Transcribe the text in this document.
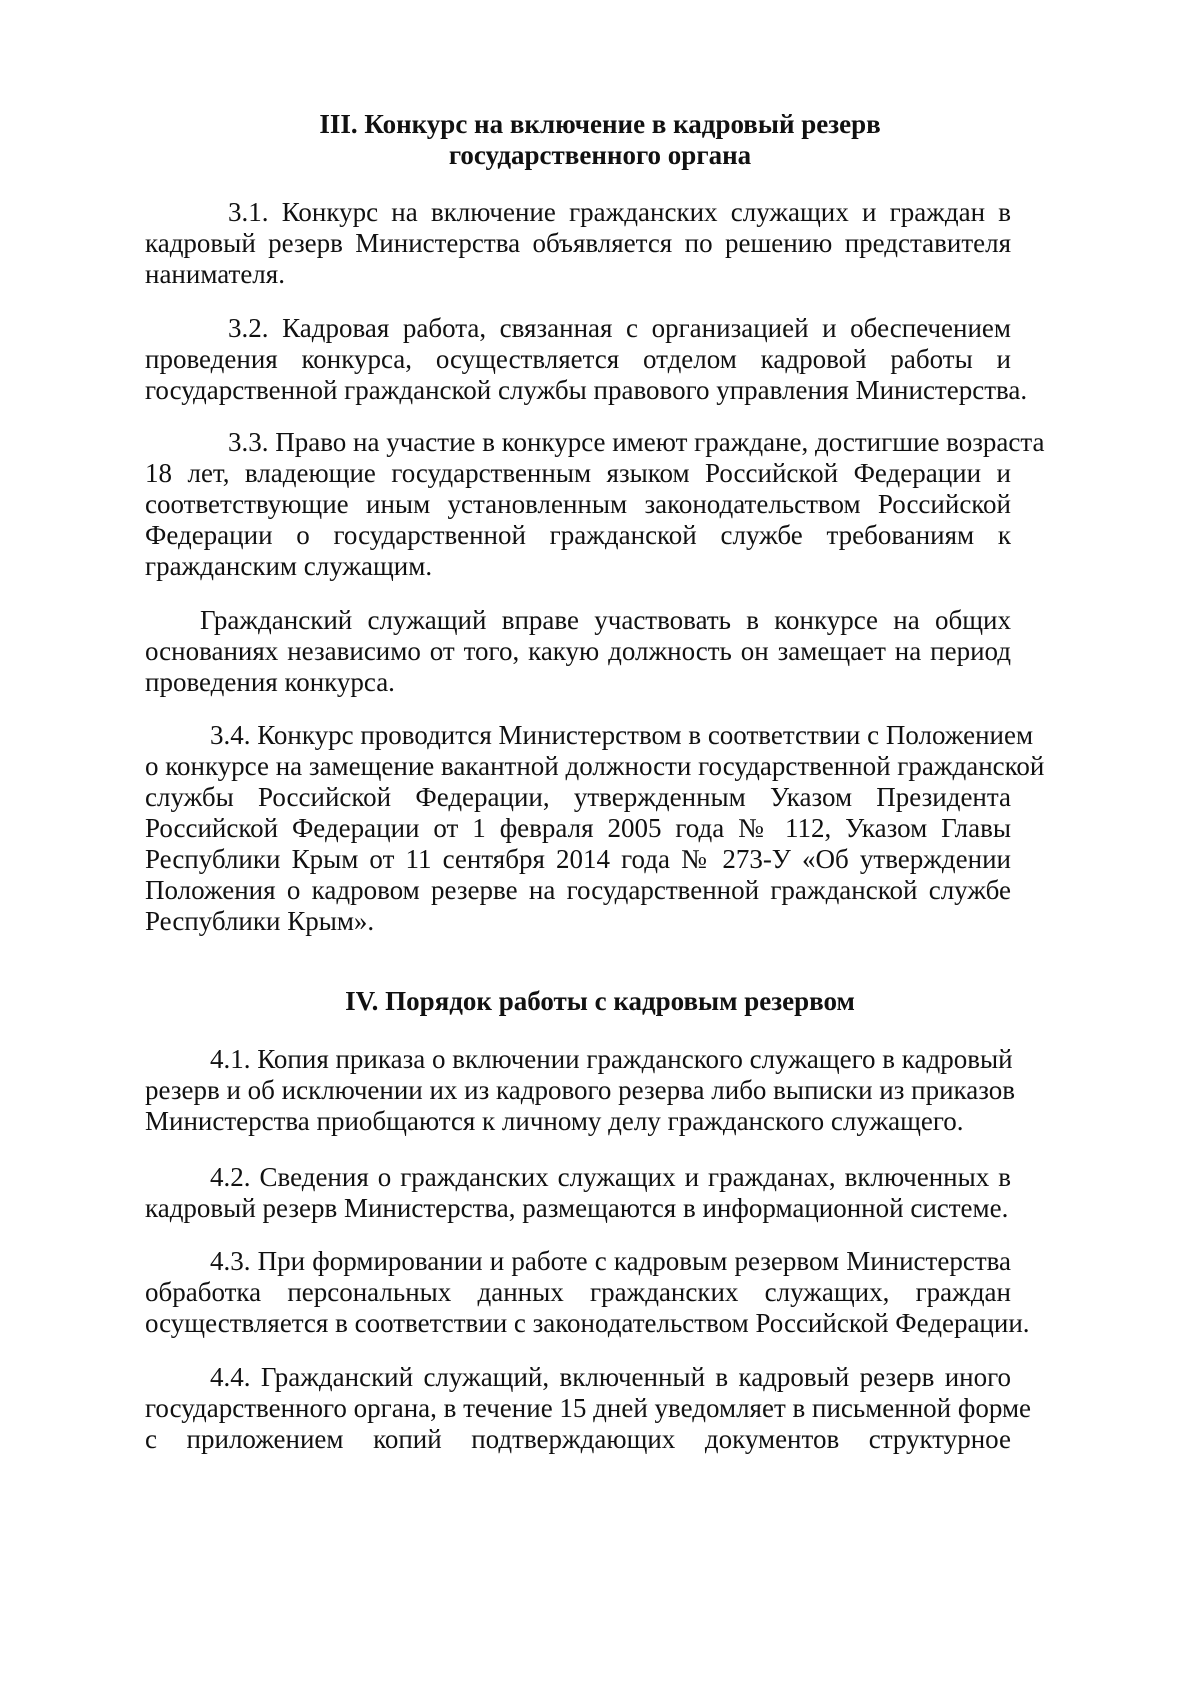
III. Конкурс на включение в кадровый резерв
государственного органа
3.1. Конкурс на включение гражданских служащих и граждан в
кадровый резерв Министерства объявляется по решению представителя
нанимателя.
3.2. Кадровая работа, связанная с организацией и обеспечением
проведения конкурса, осуществляется отделом кадровой работы и
государственной гражданской службы правового управления Министерства.
3.3. Право на участие в конкурсе имеют граждане, достигшие возраста
18 лет, владеющие государственным языком Российской Федерации и
соответствующие иным установленным законодательством Российской
Федерации о государственной гражданской службе требованиям к
гражданским служащим.
Гражданский служащий вправе участвовать в конкурсе на общих
основаниях независимо от того, какую должность он замещает на период
проведения конкурса.
3.4. Конкурс проводится Министерством в соответствии с Положением
о конкурсе на замещение вакантной должности государственной гражданской
службы Российской Федерации, утвержденным Указом Президента
Российской Федерации от 1 февраля 2005 года № 112, Указом Главы
Республики Крым от 11 сентября 2014 года № 273-У «Об утверждении
Положения о кадровом резерве на государственной гражданской службе
Республики Крым».
IV. Порядок работы с кадровым резервом
4.1. Копия приказа о включении гражданского служащего в кадровый
резерв и об исключении их из кадрового резерва либо выписки из приказов
Министерства приобщаются к личному делу гражданского служащего.
4.2. Сведения о гражданских служащих и гражданах, включенных в
кадровый резерв Министерства, размещаются в информационной системе.
4.3. При формировании и работе с кадровым резервом Министерства
обработка персональных данных гражданских служащих, граждан
осуществляется в соответствии с законодательством Российской Федерации.
4.4. Гражданский служащий, включенный в кадровый резерв иного
государственного органа, в течение 15 дней уведомляет в письменной форме
с приложением копий подтверждающих документов структурное
